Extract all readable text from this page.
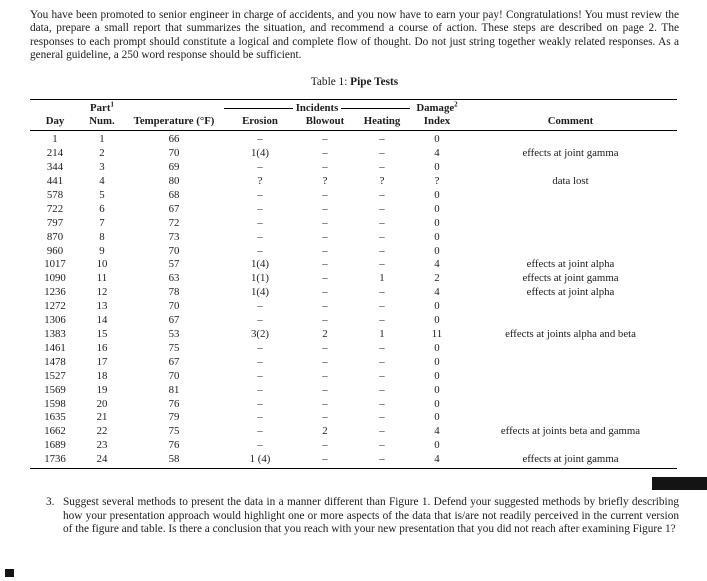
You have been promoted to senior engineer in charge of accidents, and you now have to earn your pay! Congratulations! You must review the data, prepare a small report that summarizes the situation, and recommend a course of action. These steps are described on page 2. The responses to each prompt should constitute a logical and complete flow of thought. Do not just string together weakly related responses. As a general guideline, a 250 word response should be sufficient.

Table 1: Pipe Tests
	Part$^1$		Incidents			Damage$^2$	
Day	Num.	Temperature (°F)	Erosion	Blowout	Heating	Index	Comment
1	1	66	–	–	–	0	
214	2	70	1(4)	–	–	4	effects at joint gamma
344	3	69	–	–	–	0	
441	4	80	?	?	?	?	data lost
578	5	68	–	–	–	0	
722	6	67	–	–	–	0	
797	7	72	–	–	–	0	
870	8	73	–	–	–	0	
960	9	70	–	–	–	0	
1017	10	57	1(4)	–	–	4	effects at joint alpha
1090	11	63	1(1)	–	1	2	effects at joint gamma
1236	12	78	1(4)	–	–	4	effects at joint alpha
1272	13	70	–	–	–	0	
1306	14	67	–	–	–	0	
1383	15	53	3(2)	2	1	11	effects at joints alpha and beta
1461	16	75	–	–	–	0	
1478	17	67	–	–	–	0	
1527	18	70	–	–	–	0	
1569	19	81	–	–	–	0	
1598	20	76	–	–	–	0	
1635	21	79	–	–	–	0	
1662	22	75	–	2	–	4	effects at joints beta and gamma
1689	23	76	–	–	–	0	
1736	24	58	1 (4)	–	–	4	effects at joint gamma
3. Suggest several methods to present the data in a manner different than Figure 1. Defend your suggested methods by briefly describing how your presentation approach would highlight one or more aspects of the data that is/are not readily perceived in the current version of the figure and table. Is there a conclusion that you reach with your new presentation that you did not reach after examining Figure 1?
